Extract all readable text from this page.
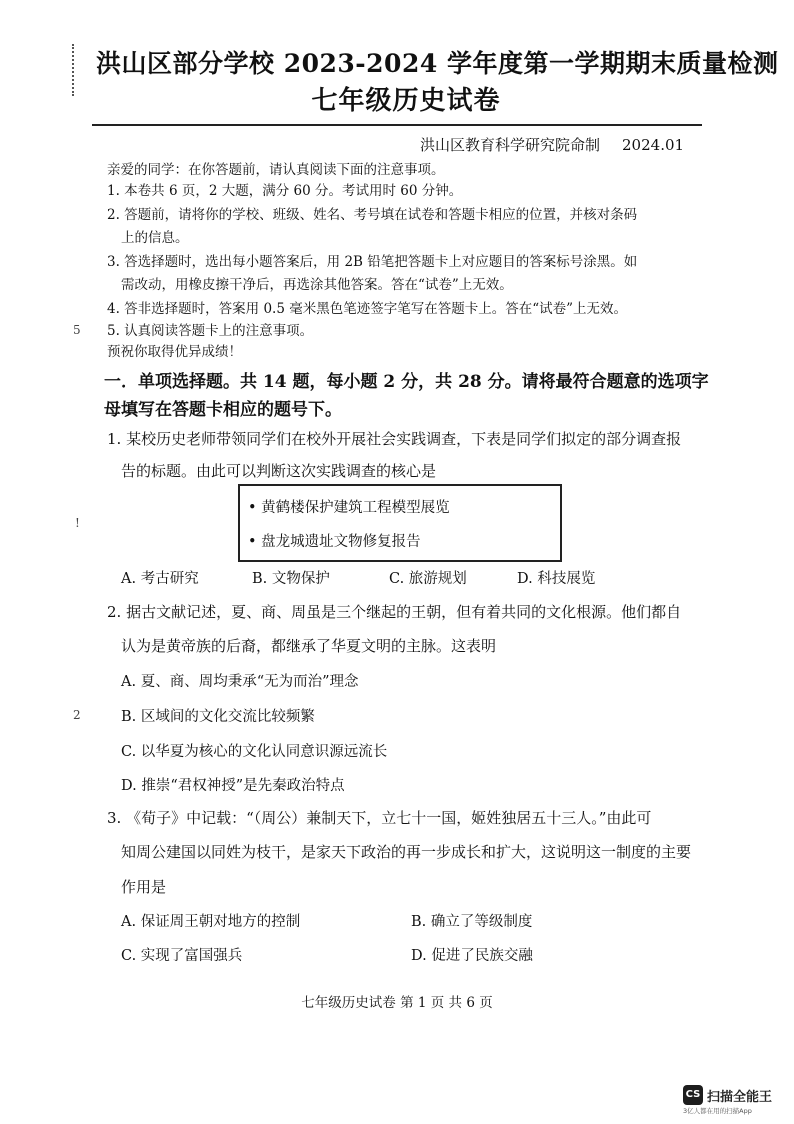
5
!
2
洪山区部分学校 2023-2024 学年度第一学期期末质量检测
七年级历史试卷
洪山区教育科学研究院命制 2024.01
亲爱的同学：在你答题前，请认真阅读下面的注意事项。
1. 本卷共 6 页，2 大题，满分 60 分。考试用时 60 分钟。
2. 答题前，请将你的学校、班级、姓名、考号填在试卷和答题卡相应的位置，并核对条码
上的信息。
3. 答选择题时，选出每小题答案后，用 2B 铅笔把答题卡上对应题目的答案标号涂黑。如
需改动，用橡皮擦干净后，再选涂其他答案。答在“试卷”上无效。
4. 答非选择题时，答案用 0.5 毫米黑色笔迹签字笔写在答题卡上。答在“试卷”上无效。
5. 认真阅读答题卡上的注意事项。
预祝你取得优异成绩！
一．单项选择题。共 14 题，每小题 2 分，共 28 分。请将最符合题意的选项字
母填写在答题卡相应的题号下。
1. 某校历史老师带领同学们在校外开展社会实践调查，下表是同学们拟定的部分调查报
告的标题。由此可以判断这次实践调查的核心是
• 黄鹤楼保护建筑工程模型展览
• 盘龙城遗址文物修复报告
A. 考古研究	B. 文物保护	C. 旅游规划	D. 科技展览
2. 据古文献记述，夏、商、周虽是三个继起的王朝，但有着共同的文化根源。他们都自
认为是黄帝族的后裔，都继承了华夏文明的主脉。这表明
A. 夏、商、周均秉承“无为而治”理念
B. 区域间的文化交流比较频繁
C. 以华夏为核心的文化认同意识源远流长
D. 推崇“君权神授”是先秦政治特点
3. 《荀子》中记载：“（周公）兼制天下，立七十一国，姬姓独居五十三人。”由此可
知周公建国以同姓为枝干，是家天下政治的再一步成长和扩大，这说明这一制度的主要
作用是
A. 保证周王朝对地方的控制	B. 确立了等级制度
C. 实现了富国强兵	D. 促进了民族交融
七年级历史试卷 第 1 页 共 6 页
CS 扫描全能王
3亿人都在用的扫描App
